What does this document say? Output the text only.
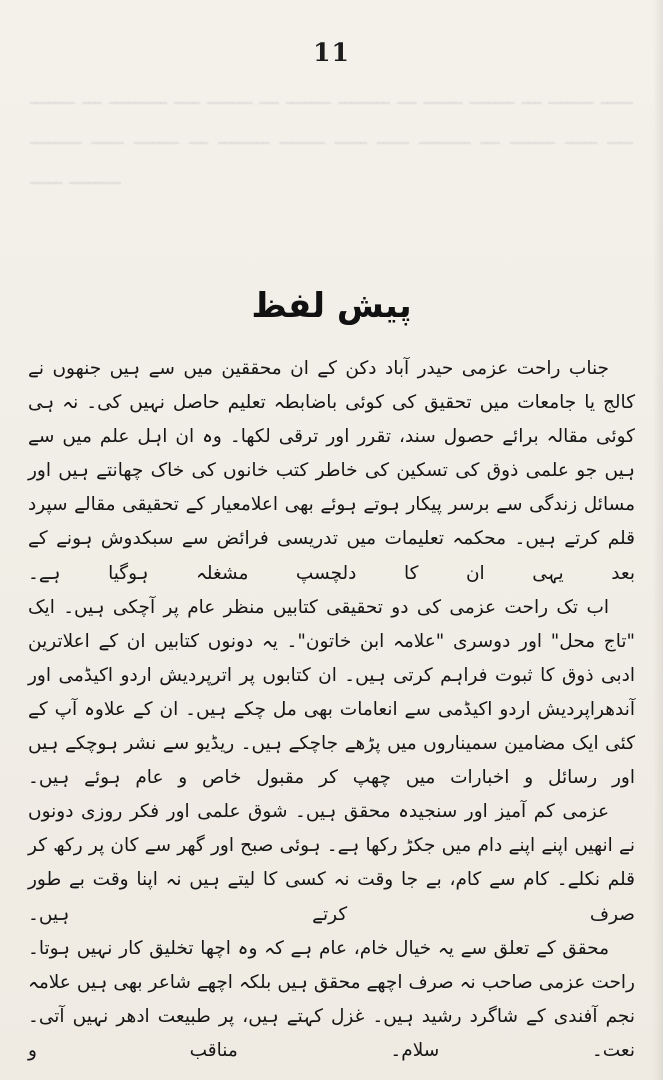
ـــــــ ـــ ـــــــــ ــــ ـــــــ ـــ ـــــــ ــــــــ ـــ ــــــ ـــــــ ـــ ـــــــ ـــــ ــــــــ ـــــ ـــــــ ـــ ــــــــ ـــــــ ـــــ ـــــ ــــــــ ـــ ـــــــ ـــــ ــــ ـــــ ــــــــ
11
پیش لفظ

جناب راحت عزمی حیدر آباد دکن کے ان محققین میں سے ہیں جنھوں نے کالج یا جامعات میں تحقیق کی کوئی باضابطہ تعلیم حاصل نہیں کی۔ نہ ہی کوئی مقالہ برائے حصول سند، تقرر اور ترقی لکھا۔ وہ ان اہل علم میں سے ہیں جو علمی ذوق کی تسکین کی خاطر کتب خانوں کی خاک چھانتے ہیں اور مسائل زندگی سے برسر پیکار ہوتے ہوئے بھی اعلامعیار کے تحقیقی مقالے سپرد قلم کرتے ہیں۔ محکمہ تعلیمات میں تدریسی فرائض سے سبکدوش ہونے کے بعد یہی ان کا دلچسپ مشغلہ ہوگیا ہے۔

اب تک راحت عزمی کی دو تحقیقی کتابیں منظر عام پر آچکی ہیں۔ ایک "تاج محل" اور دوسری "علامہ ابن خاتون"۔ یہ دونوں کتابیں ان کے اعلاترین ادبی ذوق کا ثبوت فراہم کرتی ہیں۔ ان کتابوں پر اترپردیش اردو اکیڈمی اور آندھراپردیش اردو اکیڈمی سے انعامات بھی مل چکے ہیں۔ ان کے علاوہ آپ کے کئی ایک مضامین سمیناروں میں پڑھے جاچکے ہیں۔ ریڈیو سے نشر ہوچکے ہیں اور رسائل و اخبارات میں چھپ کر مقبول خاص و عام ہوئے ہیں۔

عزمی کم آمیز اور سنجیدہ محقق ہیں۔ شوق علمی اور فکر روزی دونوں نے انھیں اپنے اپنے دام میں جکڑ رکھا ہے۔ ہوئی صبح اور گھر سے کان پر رکھ کر قلم نکلے۔ کام سے کام، بے جا وقت نہ کسی کا لیتے ہیں نہ اپنا وقت بے طور صرف کرتے ہیں۔

محقق کے تعلق سے یہ خیال خام، عام ہے کہ وہ اچھا تخلیق کار نہیں ہوتا۔ راحت عزمی صاحب نہ صرف اچھے محقق ہیں بلکہ اچھے شاعر بھی ہیں علامہ نجم آفندی کے شاگرد رشید ہیں۔ غزل کہتے ہیں، پر طبیعت ادھر نہیں آتی۔ نعت۔ سلام۔ مناقب و
